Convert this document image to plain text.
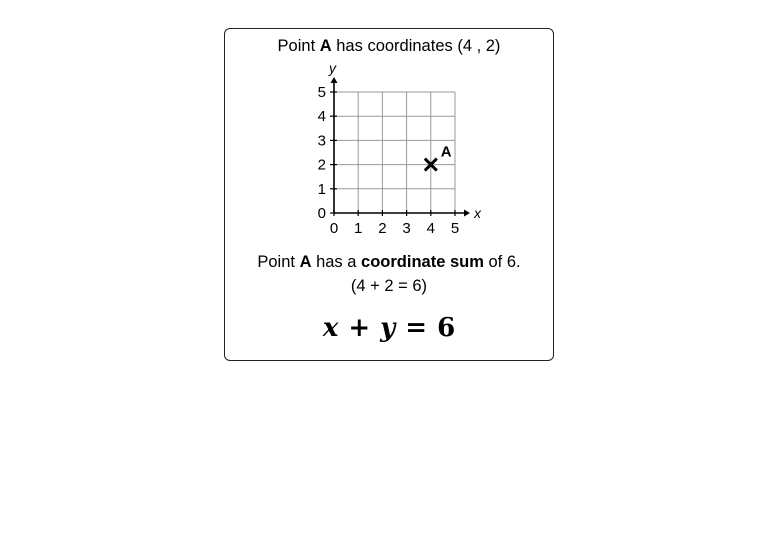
Point A has coordinates (4 , 2)
0 1 2 3 4 5
0
1
2
3
4
5
x
y
A
Point A has a coordinate sum of 6.
(4 + 2 = 6)
x + y = 6
